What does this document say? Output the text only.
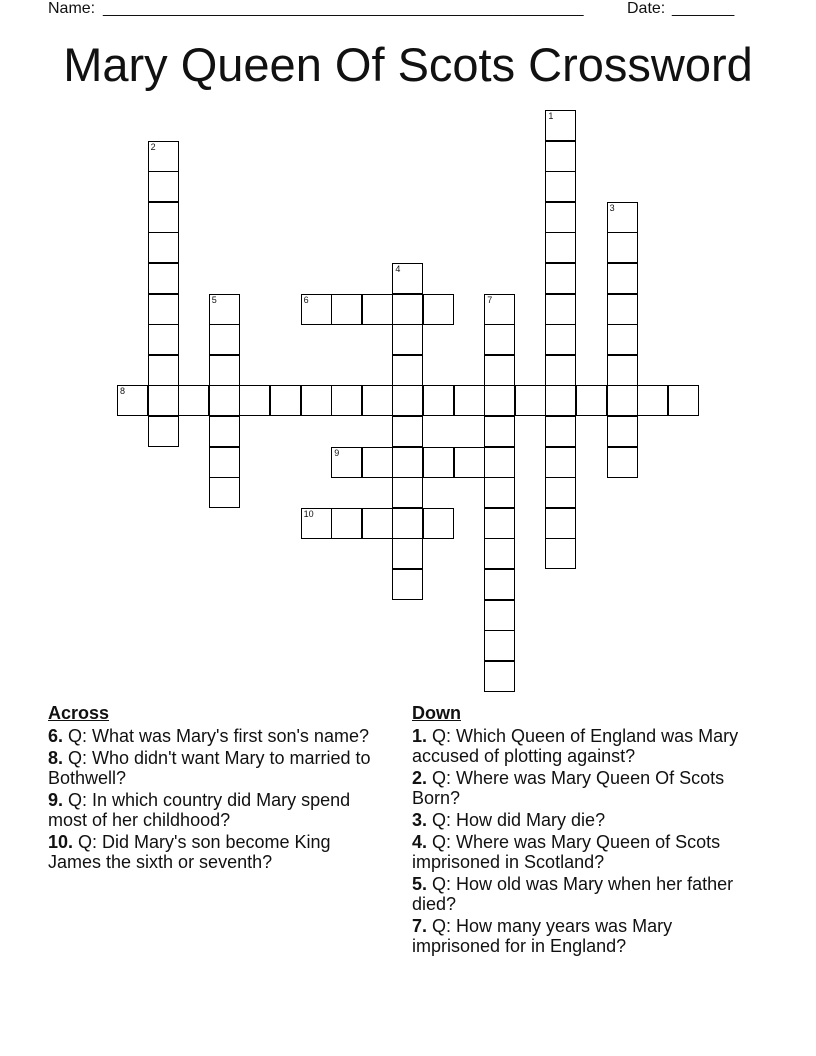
Name: ______________________________________________________	Date: _______
Mary Queen Of Scots Crossword
1
2
3
4
5	6	7
8
9
10
Across
6. Q: What was Mary's first son's name?
8. Q: Who didn't want Mary to married to Bothwell?
9. Q: In which country did Mary spend most of her childhood?
10. Q: Did Mary's son become King James the sixth or seventh?
Down
1. Q: Which Queen of England was Mary accused of plotting against?
2. Q: Where was Mary Queen Of Scots Born?
3. Q: How did Mary die?
4. Q: Where was Mary Queen of Scots imprisoned in Scotland?
5. Q: How old was Mary when her father died?
7. Q: How many years was Mary imprisoned for in England?
